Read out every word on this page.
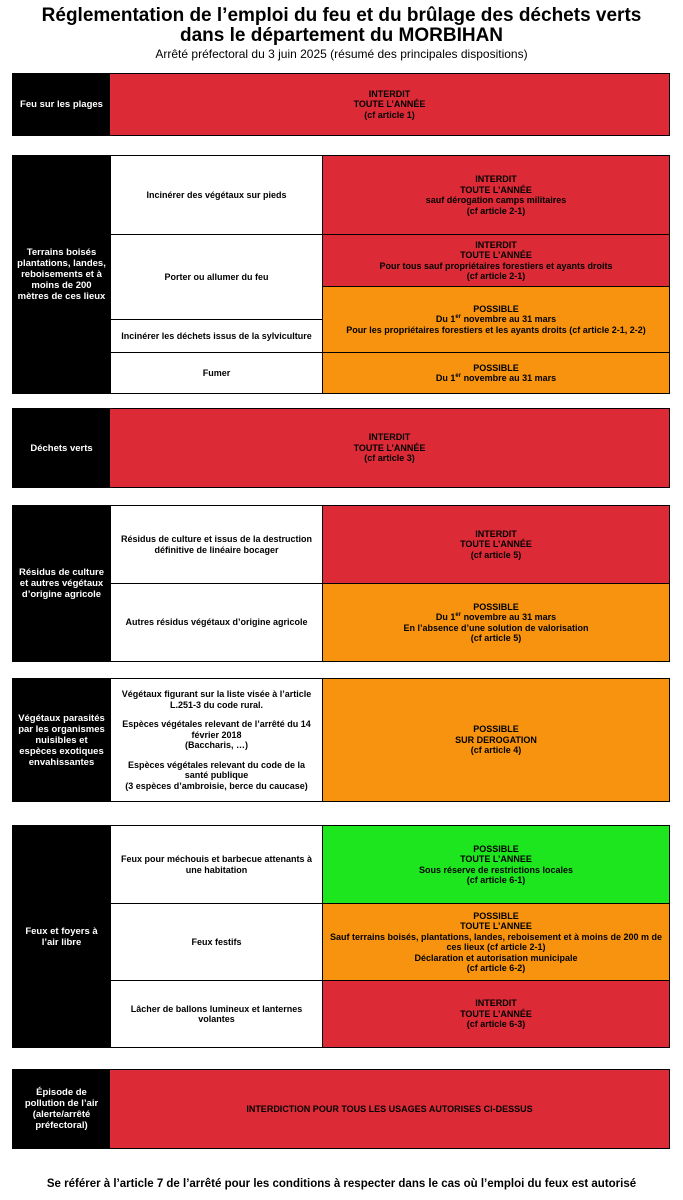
Réglementation de l’emploi du feu et du brûlage des déchets verts
dans le département du MORBIHAN
Arrêté préfectoral du 3 juin 2025 (résumé des principales dispositions)
Feu sur les plages
INTERDIT
TOUTE L’ANNÉE
(cf article 1)
Terrains boisés plantations, landes, reboisements et à moins de 200 mètres de ces lieux
Incinérer des végétaux sur pieds
INTERDIT
TOUTE L’ANNÉE
sauf dérogation camps militaires
(cf article 2-1)
Porter ou allumer du feu
INTERDIT
TOUTE L’ANNÉE
Pour tous sauf propriétaires forestiers et ayants droits
(cf article 2-1)
Incinérer les déchets issus de la sylviculture
POSSIBLE
Du 1er novembre au 31 mars
Pour les propriétaires forestiers et les ayants droits (cf article 2-1, 2-2)
Fumer
POSSIBLE
Du 1er novembre au 31 mars
Déchets verts
INTERDIT
TOUTE L’ANNÉE
(cf article 3)
Résidus de culture et autres végétaux d’origine agricole
Résidus de culture et issus de la destruction définitive de linéaire bocager
INTERDIT
TOUTE L’ANNÉE
(cf article 5)
Autres résidus végétaux d’origine agricole
POSSIBLE
Du 1er novembre au 31 mars
En l’absence d’une solution de valorisation
(cf article 5)
Végétaux parasités par les organismes nuisibles et espèces exotiques envahissantes
Végétaux figurant sur la liste visée à l’article L.251-3 du code rural.
Espèces végétales relevant de l’arrêté du 14 février 2018
(Baccharis, …)
Espèces végétales relevant du code de la santé publique
(3 espèces d’ambroisie, berce du caucase)
POSSIBLE
SUR DEROGATION
(cf article 4)
Feux et foyers à l’air libre
Feux pour méchouis et barbecue attenants à une habitation
POSSIBLE
TOUTE L’ANNEE
Sous réserve de restrictions locales
(cf article 6-1)
Feux festifs
POSSIBLE
TOUTE L’ANNEE
Sauf terrains boisés, plantations, landes, reboisement et à moins de 200 m de ces lieux (cf article 2-1)
Déclaration et autorisation municipale
(cf article 6-2)
Lâcher de ballons lumineux et lanternes volantes
INTERDIT
TOUTE L’ANNÉE
(cf article 6-3)
Épisode de pollution de l’air (alerte/arrêté préfectoral)
INTERDICTION POUR TOUS LES USAGES AUTORISES CI-DESSUS
Se référer à l’article 7 de l’arrêté pour les conditions à respecter dans le cas où l’emploi du feux est autorisé
